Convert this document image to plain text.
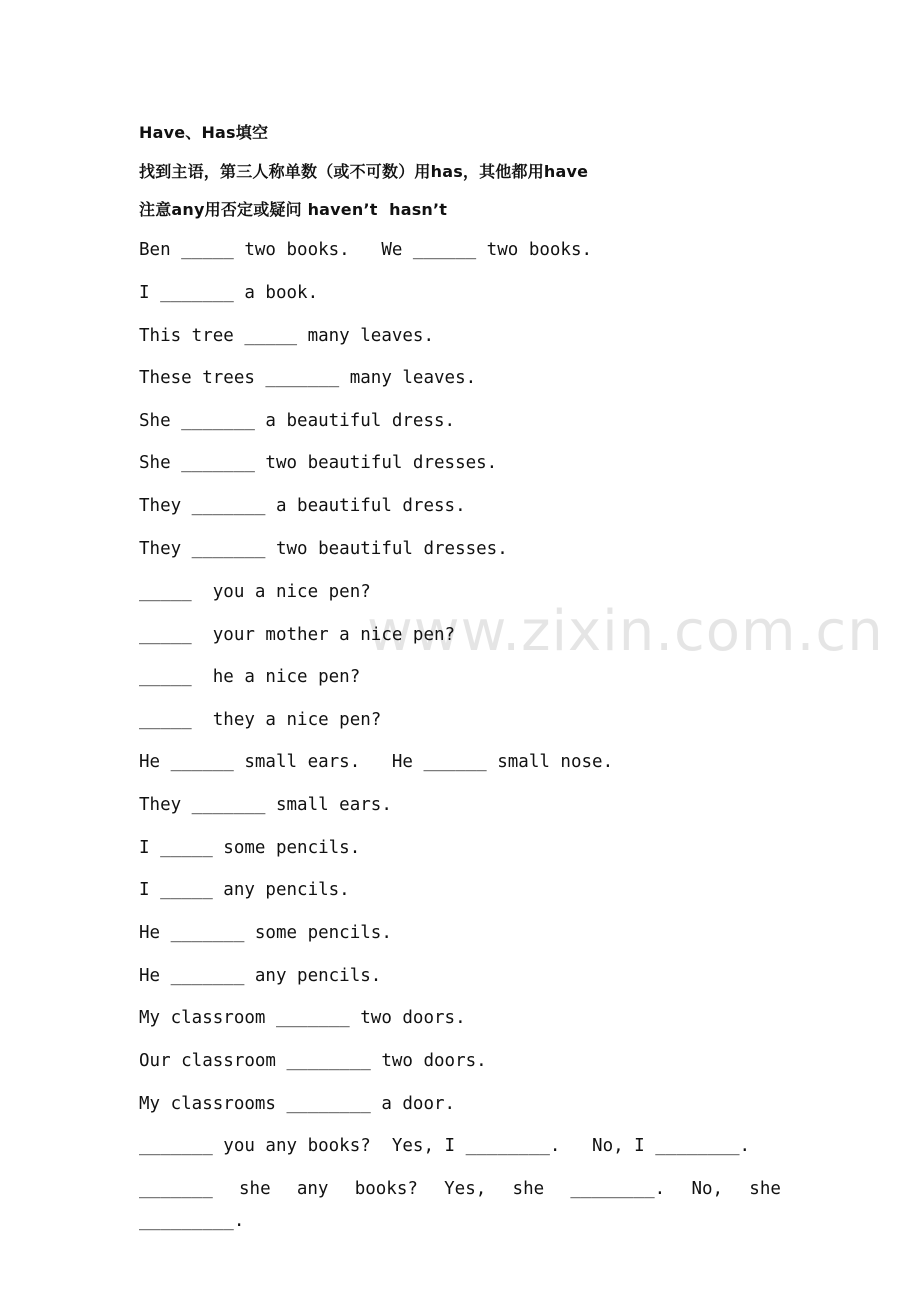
www.zixin.com.cn
Have、Has填空
找到主语，第三人称单数（或不可数）用has，其他都用have
注意any用否定或疑问 haven’t  hasn’t
Ben _____ two books.   We ______ two books.
I _______ a book.
This tree _____ many leaves.
These trees _______ many leaves.
She _______ a beautiful dress.
She _______ two beautiful dresses.
They _______ a beautiful dress.
They _______ two beautiful dresses.
_____  you a nice pen?
_____  your mother a nice pen?
_____  he a nice pen?
_____  they a nice pen?
He ______ small ears.   He ______ small nose.
They _______ small ears.
I _____ some pencils.
I _____ any pencils.
He _______ some pencils.
He _______ any pencils.
My classroom _______ two doors.
Our classroom ________ two doors.
My classrooms ________ a door.
_______ you any books?  Yes, I ________.   No, I ________.
_______ she any books? Yes, she ________. No, she
_________.
